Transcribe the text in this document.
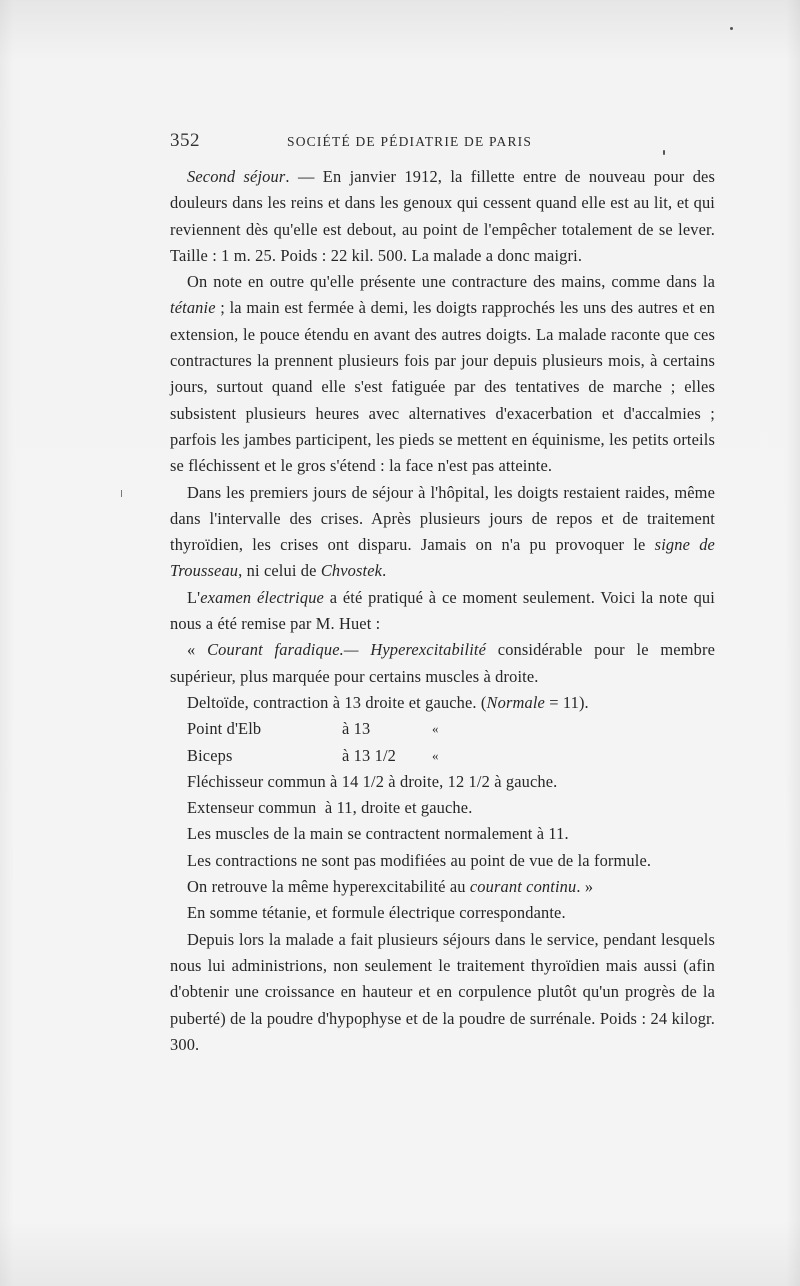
352	SOCIÉTÉ DE PÉDIATRIE DE PARIS

Second séjour. — En janvier 1912, la fillette entre de nouveau pour des douleurs dans les reins et dans les genoux qui cessent quand elle est au lit, et qui reviennent dès qu'elle est debout, au point de l'empêcher totalement de se lever. Taille : 1 m. 25. Poids : 22 kil. 500. La malade a donc maigri.

On note en outre qu'elle présente une contracture des mains, comme dans la tétanie ; la main est fermée à demi, les doigts rapprochés les uns des autres et en extension, le pouce étendu en avant des autres doigts. La malade raconte que ces contractures la prennent plusieurs fois par jour depuis plusieurs mois, à certains jours, surtout quand elle s'est fatiguée par des tentatives de marche ; elles subsistent plusieurs heures avec alternatives d'exacerbation et d'accalmies ; parfois les jambes participent, les pieds se mettent en équinisme, les petits orteils se fléchissent et le gros s'étend : la face n'est pas atteinte.

Dans les premiers jours de séjour à l'hôpital, les doigts restaient raides, même dans l'intervalle des crises. Après plusieurs jours de repos et de traitement thyroïdien, les crises ont disparu. Jamais on n'a pu provoquer le signe de Trousseau, ni celui de Chvostek.

L'examen électrique a été pratiqué à ce moment seulement. Voici la note qui nous a été remise par M. Huet :

« Courant faradique.— Hyperexcitabilité considérable pour le membre supérieur, plus marquée pour certains muscles à droite.

Deltoïde, contraction à 13 droite et gauche. (Normale = 11).

Point d'Elb	à 13	«
Biceps	à 13 1/2	«

Fléchisseur commun à 14 1/2 à droite, 12 1/2 à gauche.

Extenseur commun  à 11, droite et gauche.

Les muscles de la main se contractent normalement à 11.

Les contractions ne sont pas modifiées au point de vue de la formule.

On retrouve la même hyperexcitabilité au courant continu. »

En somme tétanie, et formule électrique correspondante.

Depuis lors la malade a fait plusieurs séjours dans le service, pendant lesquels nous lui administrions, non seulement le traitement thyroïdien mais aussi (afin d'obtenir une croissance en hauteur et en corpulence plutôt qu'un progrès de la puberté) de la poudre d'hypophyse et de la poudre de surrénale. Poids : 24 kilogr. 300.
